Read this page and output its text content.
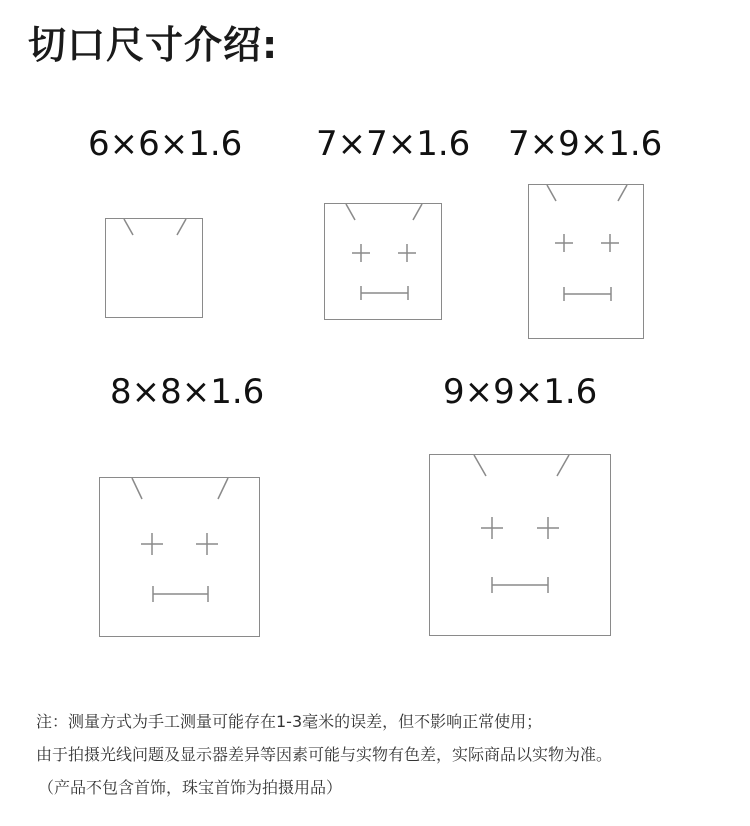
切口尺寸介绍:
6×6×1.6 7×7×1.6 7×9×1.6
8×8×1.6	9×9×1.6
注：测量方式为手工测量可能存在1-3毫米的误差，但不影响正常使用；
由于拍摄光线问题及显示器差异等因素可能与实物有色差，实际商品以实物为准。
（产品不包含首饰，珠宝首饰为拍摄用品）
